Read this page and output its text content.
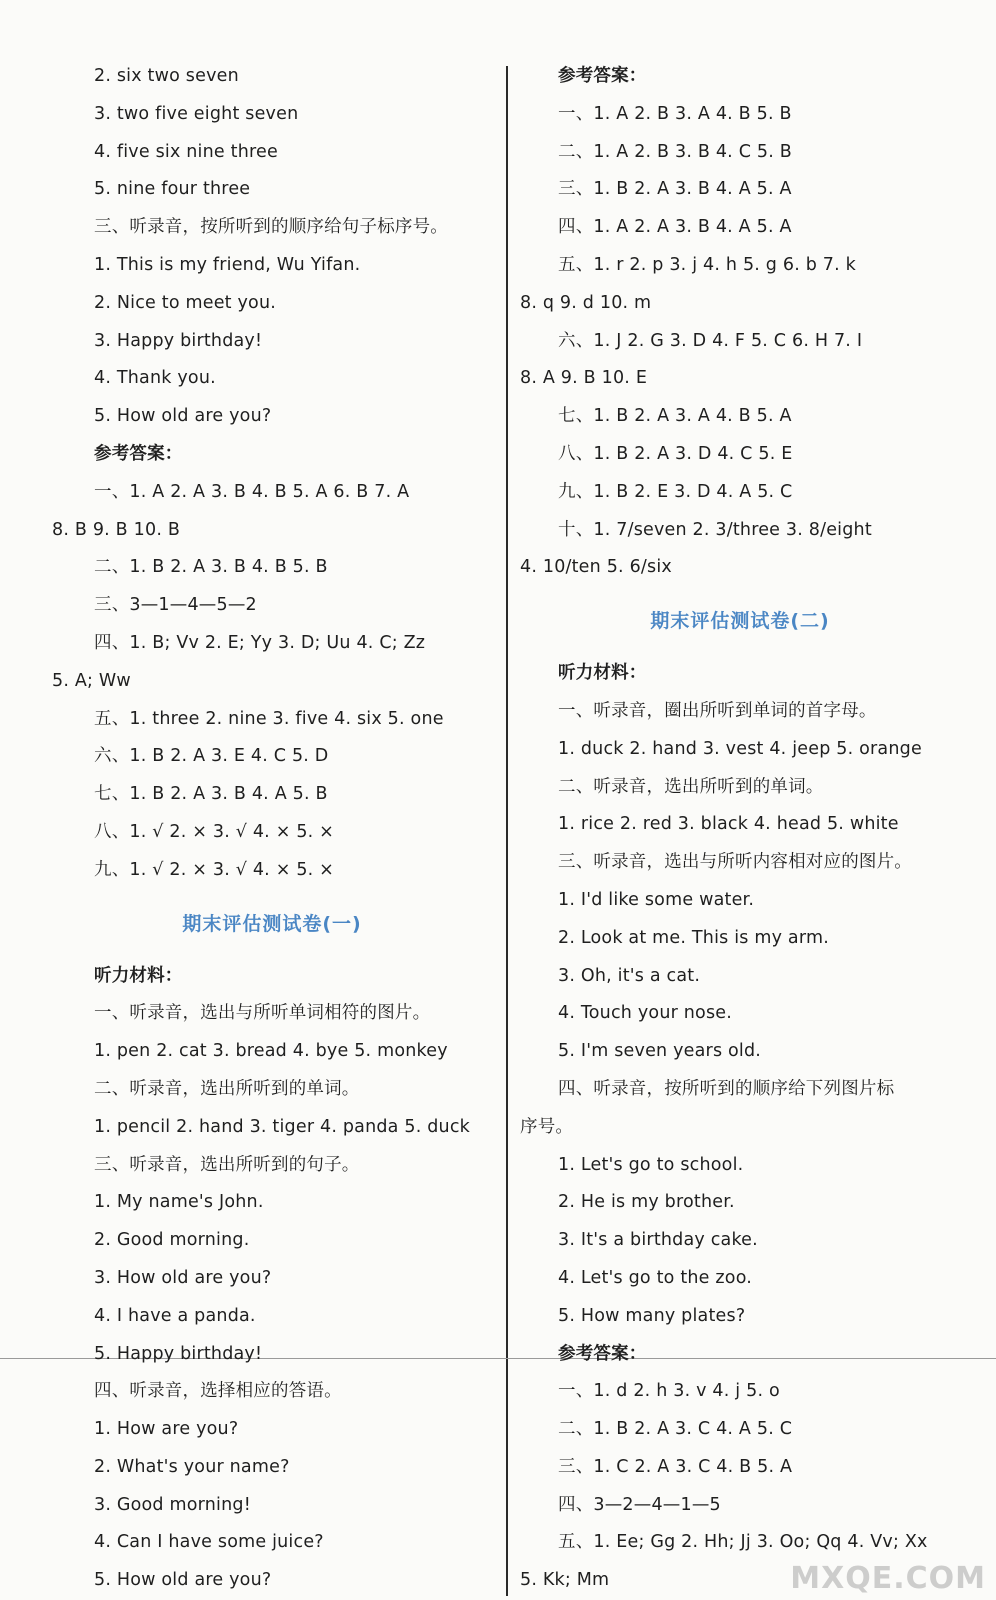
2. six two seven
3. two five eight seven
4. five six nine three
5. nine four three
三、听录音，按所听到的顺序给句子标序号。
1. This is my friend, Wu Yifan.
2. Nice to meet you.
3. Happy birthday!
4. Thank you.
5. How old are you?
参考答案：
一、1. A 2. A 3. B 4. B 5. A 6. B 7. A
8. B 9. B 10. B
二、1. B 2. A 3. B 4. B 5. B
三、3—1—4—5—2
四、1. B; Vv 2. E; Yy 3. D; Uu 4. C; Zz
5. A; Ww
五、1. three 2. nine 3. five 4. six 5. one
六、1. B 2. A 3. E 4. C 5. D
七、1. B 2. A 3. B 4. A 5. B
八、1. √ 2. × 3. √ 4. × 5. ×
九、1. √ 2. × 3. √ 4. × 5. ×
期末评估测试卷(一)
听力材料：
一、听录音，选出与所听单词相符的图片。
1. pen 2. cat 3. bread 4. bye 5. monkey
二、听录音，选出所听到的单词。
1. pencil 2. hand 3. tiger 4. panda 5. duck
三、听录音，选出所听到的句子。
1. My name's John.
2. Good morning.
3. How old are you?
4. I have a panda.
5. Happy birthday!
四、听录音，选择相应的答语。
1. How are you?
2. What's your name?
3. Good morning!
4. Can I have some juice?
5. How old are you?
参考答案：
一、1. A 2. B 3. A 4. B 5. B
二、1. A 2. B 3. B 4. C 5. B
三、1. B 2. A 3. B 4. A 5. A
四、1. A 2. A 3. B 4. A 5. A
五、1. r 2. p 3. j 4. h 5. g 6. b 7. k
8. q 9. d 10. m
六、1. J 2. G 3. D 4. F 5. C 6. H 7. I
8. A 9. B 10. E
七、1. B 2. A 3. A 4. B 5. A
八、1. B 2. A 3. D 4. C 5. E
九、1. B 2. E 3. D 4. A 5. C
十、1. 7/seven 2. 3/three 3. 8/eight
4. 10/ten 5. 6/six
期末评估测试卷(二)
听力材料：
一、听录音，圈出所听到单词的首字母。
1. duck 2. hand 3. vest 4. jeep 5. orange
二、听录音，选出所听到的单词。
1. rice 2. red 3. black 4. head 5. white
三、听录音，选出与所听内容相对应的图片。
1. I'd like some water.
2. Look at me. This is my arm.
3. Oh, it's a cat.
4. Touch your nose.
5. I'm seven years old.
四、听录音，按所听到的顺序给下列图片标
序号。
1. Let's go to school.
2. He is my brother.
3. It's a birthday cake.
4. Let's go to the zoo.
5. How many plates?
参考答案：
一、1. d 2. h 3. v 4. j 5. o
二、1. B 2. A 3. C 4. A 5. C
三、1. C 2. A 3. C 4. B 5. A
四、3—2—4—1—5
五、1. Ee; Gg 2. Hh; Jj 3. Oo; Qq 4. Vv; Xx
5. Kk; Mm	MXQE.COM
